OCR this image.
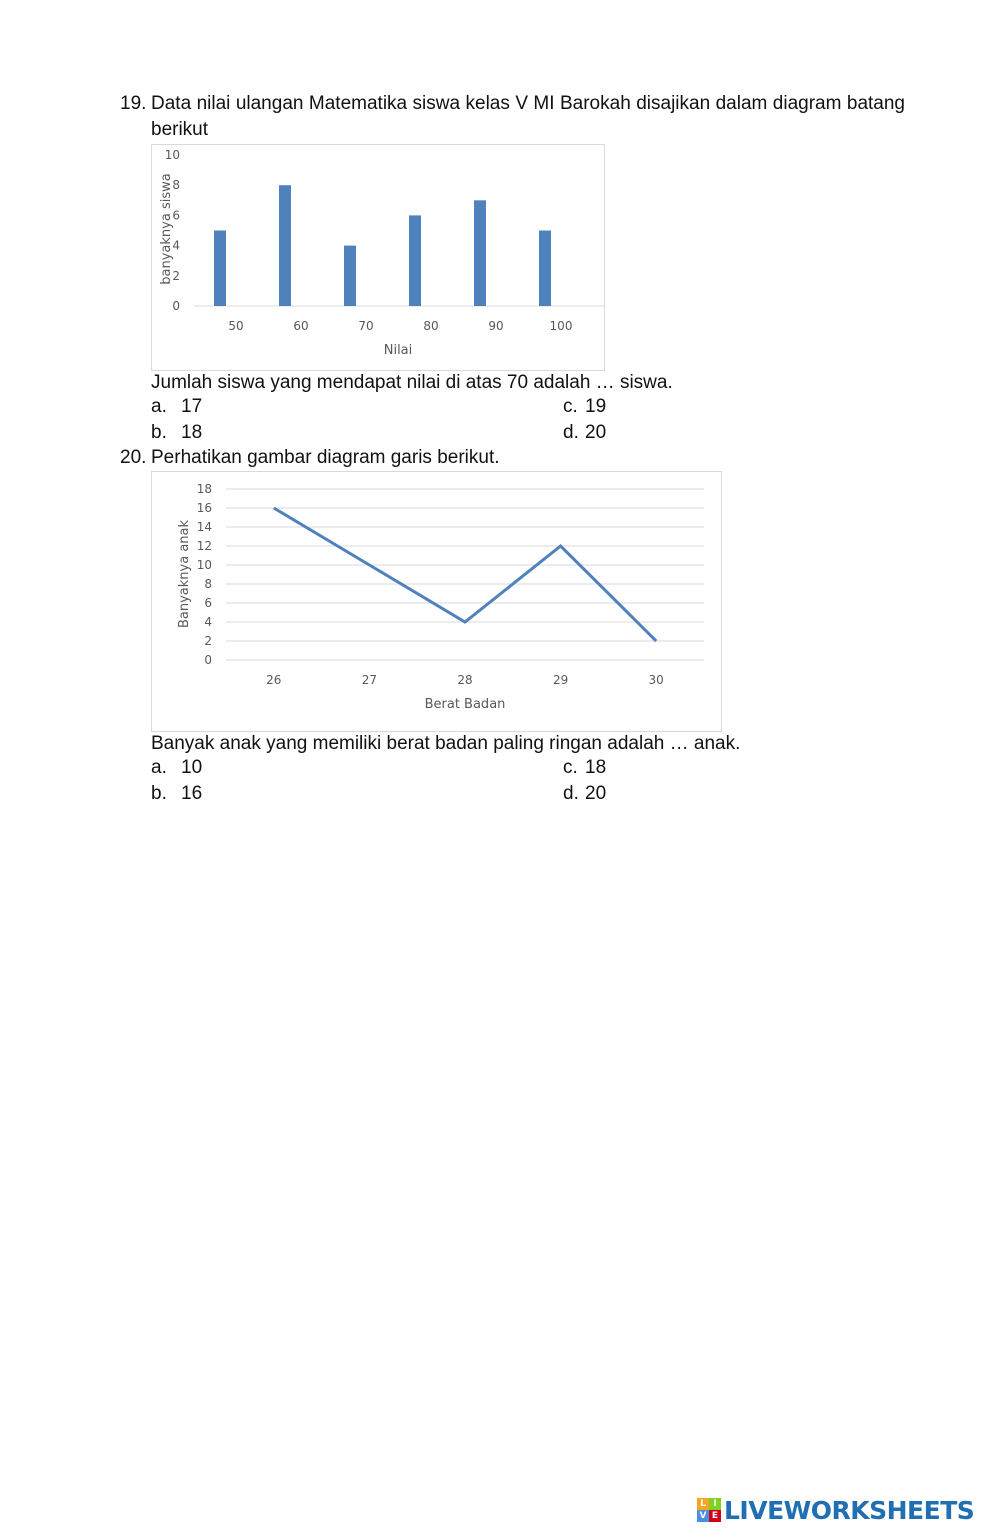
19. Data nilai ulangan Matematika siswa kelas V MI Barokah disajikan dalam diagram batang berikut
0
2
4
6
8
10
50	60	70	80	90	100
Nilai
banyaknya siswa
Jumlah siswa yang mendapat nilai di atas 70 adalah … siswa.
a. 17
b. 18
c. 19
d. 20
20. Perhatikan gambar diagram garis berikut.
0
2
4
6
8
10
12
14
16
18
26	27	28	29	30
Berat Badan
Banyaknya anak
Banyak anak yang memiliki berat badan paling ringan adalah … anak.
a. 10
b. 16
c. 18
d. 20
L I
V E LIVEWORKSHEETS
